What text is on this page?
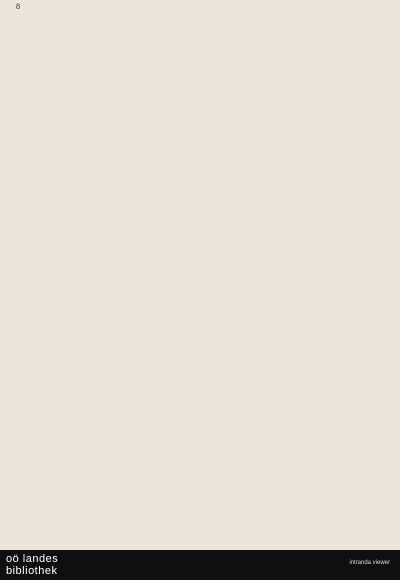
8
oö landes
bibliothek
intranda viewer
